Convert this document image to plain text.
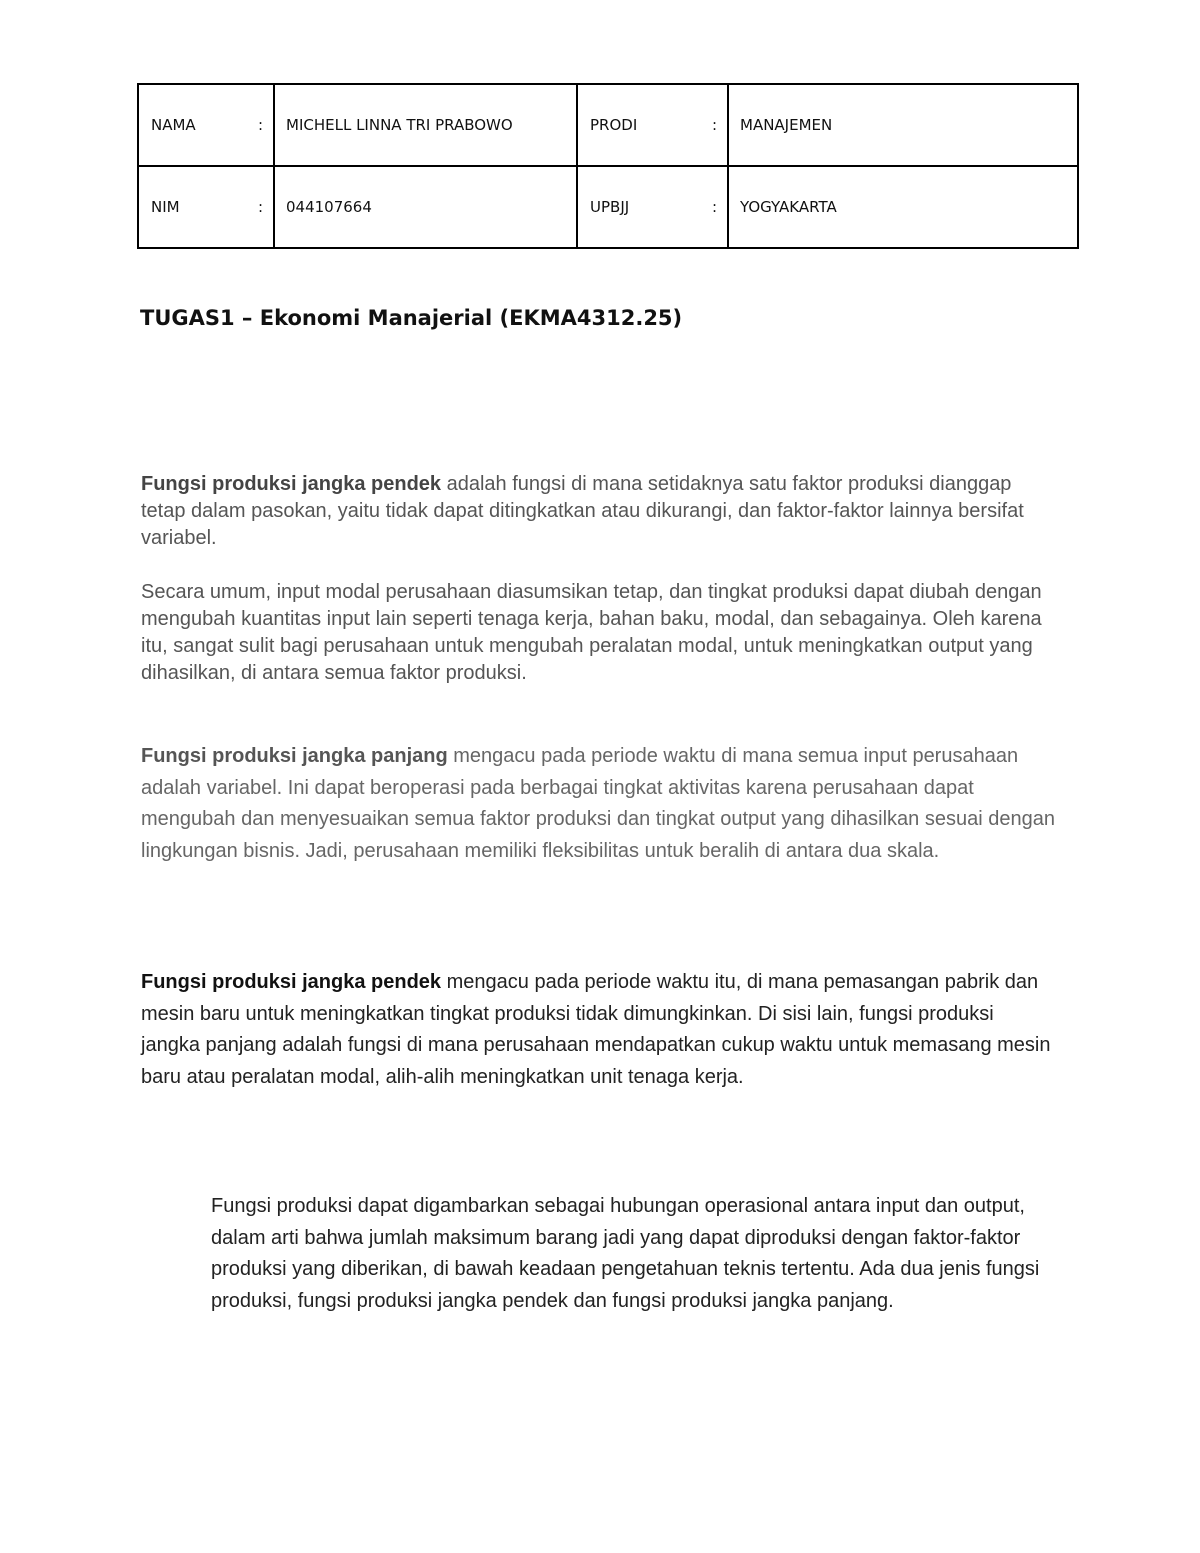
NAMA :	MICHELL LINNA TRI PRABOWO	PRODI :	MANAJEMEN

NIM :	044107664	UPBJJ :	YOGYAKARTA
TUGAS1 – Ekonomi Manajerial (EKMA4312.25)

Fungsi produksi jangka pendek adalah fungsi di mana setidaknya satu faktor produksi dianggap tetap dalam pasokan, yaitu tidak dapat ditingkatkan atau dikurangi, dan faktor-faktor lainnya bersifat variabel.

Secara umum, input modal perusahaan diasumsikan tetap, dan tingkat produksi dapat diubah dengan mengubah kuantitas input lain seperti tenaga kerja, bahan baku, modal, dan sebagainya. Oleh karena itu, sangat sulit bagi perusahaan untuk mengubah peralatan modal, untuk meningkatkan output yang dihasilkan, di antara semua faktor produksi.

Fungsi produksi jangka panjang mengacu pada periode waktu di mana semua input perusahaan adalah variabel. Ini dapat beroperasi pada berbagai tingkat aktivitas karena perusahaan dapat mengubah dan menyesuaikan semua faktor produksi dan tingkat output yang dihasilkan sesuai dengan lingkungan bisnis. Jadi, perusahaan memiliki fleksibilitas untuk beralih di antara dua skala.

Fungsi produksi jangka pendek mengacu pada periode waktu itu, di mana pemasangan pabrik dan mesin baru untuk meningkatkan tingkat produksi tidak dimungkinkan. Di sisi lain, fungsi produksi jangka panjang adalah fungsi di mana perusahaan mendapatkan cukup waktu untuk memasang mesin baru atau peralatan modal, alih-alih meningkatkan unit tenaga kerja.

Fungsi produksi dapat digambarkan sebagai hubungan operasional antara input dan output, dalam arti bahwa jumlah maksimum barang jadi yang dapat diproduksi dengan faktor-faktor produksi yang diberikan, di bawah keadaan pengetahuan teknis tertentu. Ada dua jenis fungsi produksi, fungsi produksi jangka pendek dan fungsi produksi jangka panjang.
